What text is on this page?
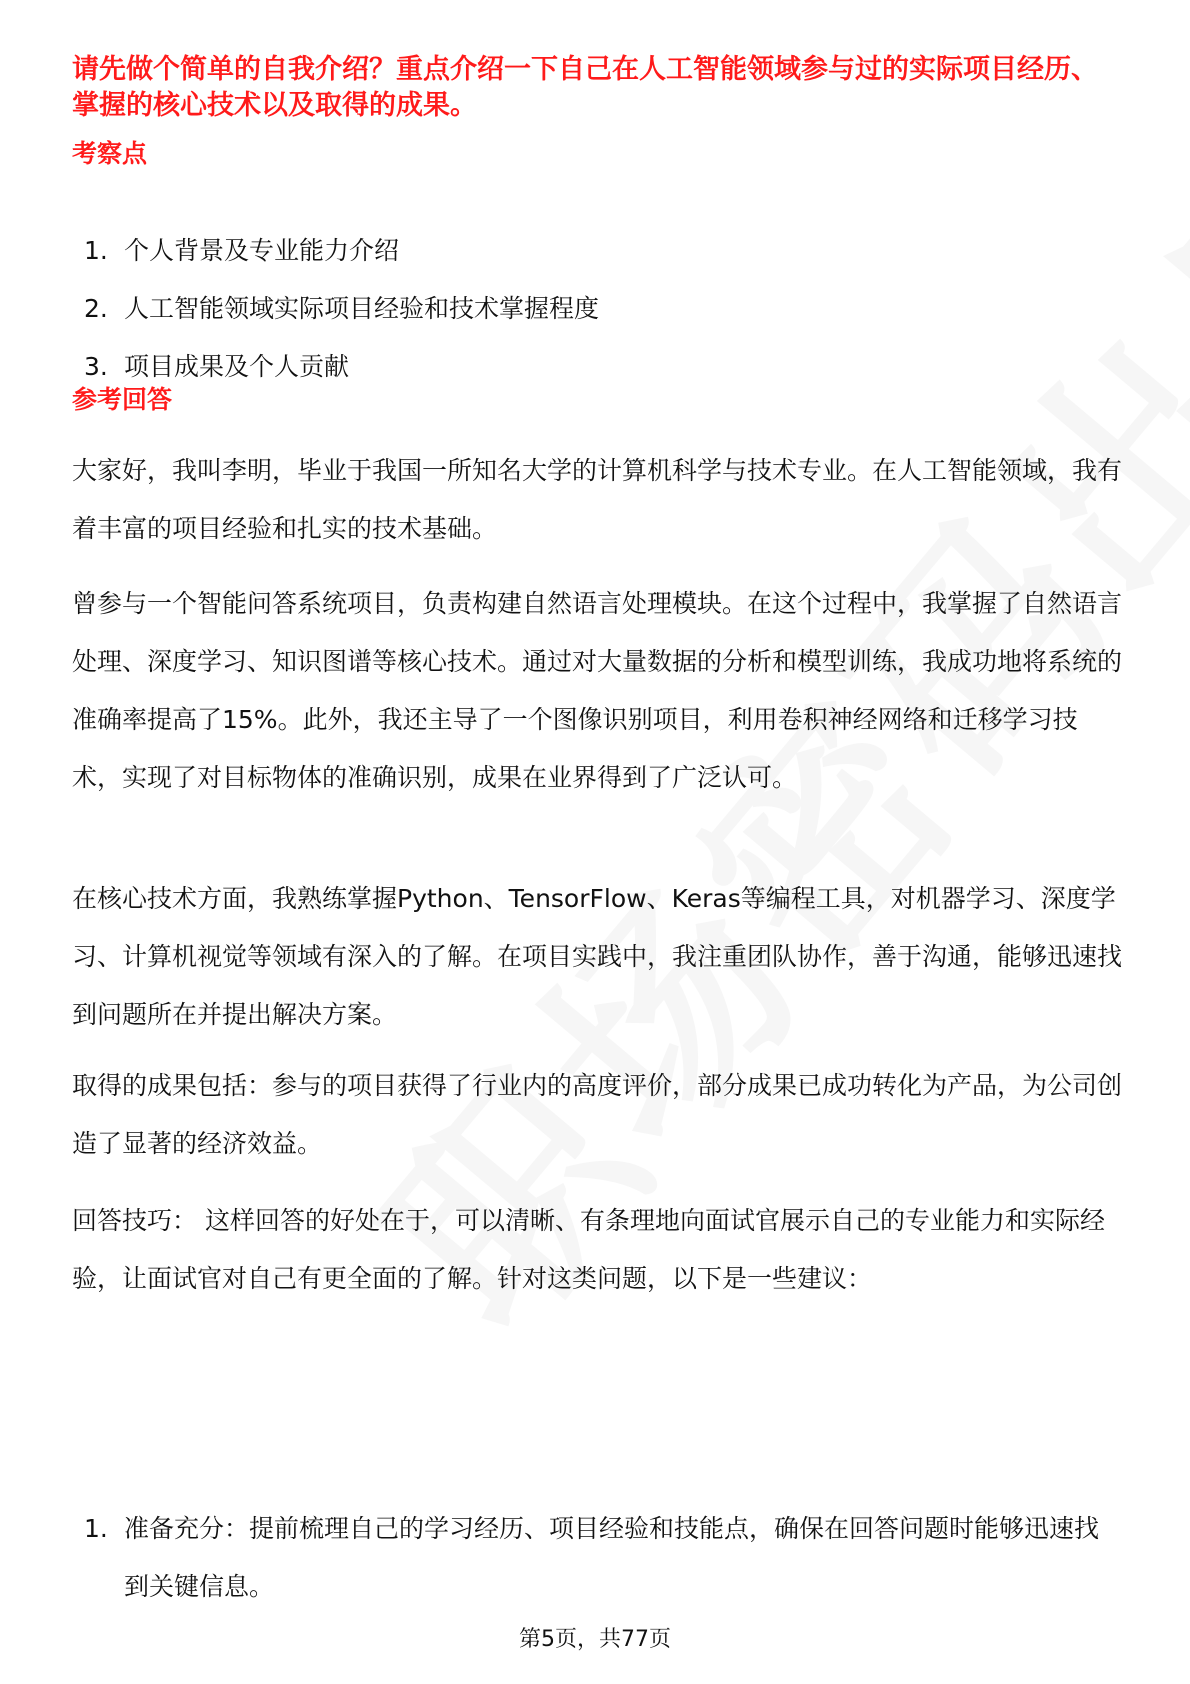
请先做个简单的自我介绍？重点介绍一下自己在人工智能领域参与过的实际项目经历、掌握的核心技术以及取得的成果。

考察点
1. 个人背景及专业能力介绍
2. 人工智能领域实际项目经验和技术掌握程度
3. 项目成果及个人贡献
参考回答

大家好，我叫李明，毕业于我国一所知名大学的计算机科学与技术专业。在人工智能领域，我有着丰富的项目经验和扎实的技术基础。

曾参与一个智能问答系统项目，负责构建自然语言处理模块。在这个过程中，我掌握了自然语言处理、深度学习、知识图谱等核心技术。通过对大量数据的分析和模型训练，我成功地将系统的准确率提高了15%。此外，我还主导了一个图像识别项目，利用卷积神经网络和迁移学习技术，实现了对目标物体的准确识别，成果在业界得到了广泛认可。

在核心技术方面，我熟练掌握Python、TensorFlow、Keras等编程工具，对机器学习、深度学习、计算机视觉等领域有深入的了解。在项目实践中，我注重团队协作，善于沟通，能够迅速找到问题所在并提出解决方案。

取得的成果包括：参与的项目获得了行业内的高度评价，部分成果已成功转化为产品，为公司创造了显著的经济效益。

回答技巧： 这样回答的好处在于，可以清晰、有条理地向面试官展示自己的专业能力和实际经验，让面试官对自己有更全面的了解。针对这类问题，以下是一些建议：

1. 准备充分：提前梳理自己的学习经历、项目经验和技能点，确保在回答问题时能够迅速找到关键信息。
第5页，共77页
